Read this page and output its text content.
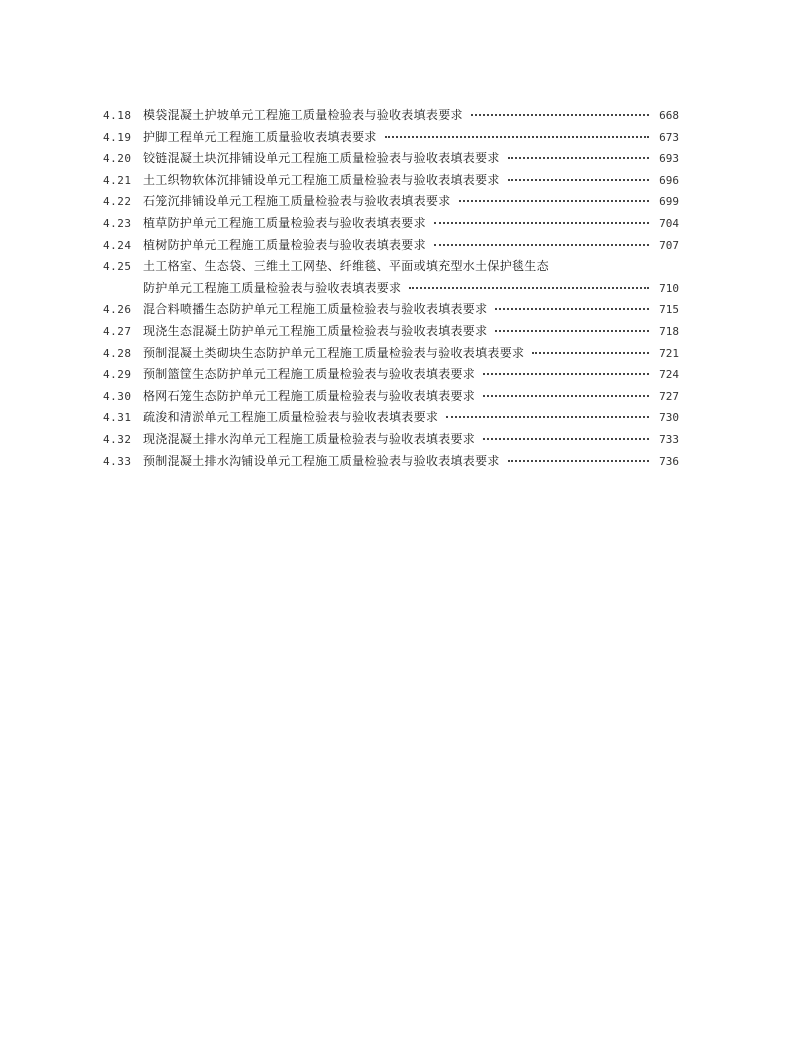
4.18 模袋混凝土护坡单元工程施工质量检验表与验收表填表要求	668
4.19 护脚工程单元工程施工质量验收表填表要求	673
4.20 铰链混凝土块沉排铺设单元工程施工质量检验表与验收表填表要求	693
4.21 土工织物软体沉排铺设单元工程施工质量检验表与验收表填表要求	696
4.22 石笼沉排铺设单元工程施工质量检验表与验收表填表要求	699
4.23 植草防护单元工程施工质量检验表与验收表填表要求	704
4.24 植树防护单元工程施工质量检验表与验收表填表要求	707
4.25 土工格室、生态袋、三维土工网垫、纤维毯、平面或填充型水土保护毯生态
防护单元工程施工质量检验表与验收表填表要求	710
4.26 混合料喷播生态防护单元工程施工质量检验表与验收表填表要求	715
4.27 现浇生态混凝土防护单元工程施工质量检验表与验收表填表要求	718
4.28 预制混凝土类砌块生态防护单元工程施工质量检验表与验收表填表要求	721
4.29 预制篮筐生态防护单元工程施工质量检验表与验收表填表要求	724
4.30 格网石笼生态防护单元工程施工质量检验表与验收表填表要求	727
4.31 疏浚和清淤单元工程施工质量检验表与验收表填表要求	730
4.32 现浇混凝土排水沟单元工程施工质量检验表与验收表填表要求	733
4.33 预制混凝土排水沟铺设单元工程施工质量检验表与验收表填表要求	736
